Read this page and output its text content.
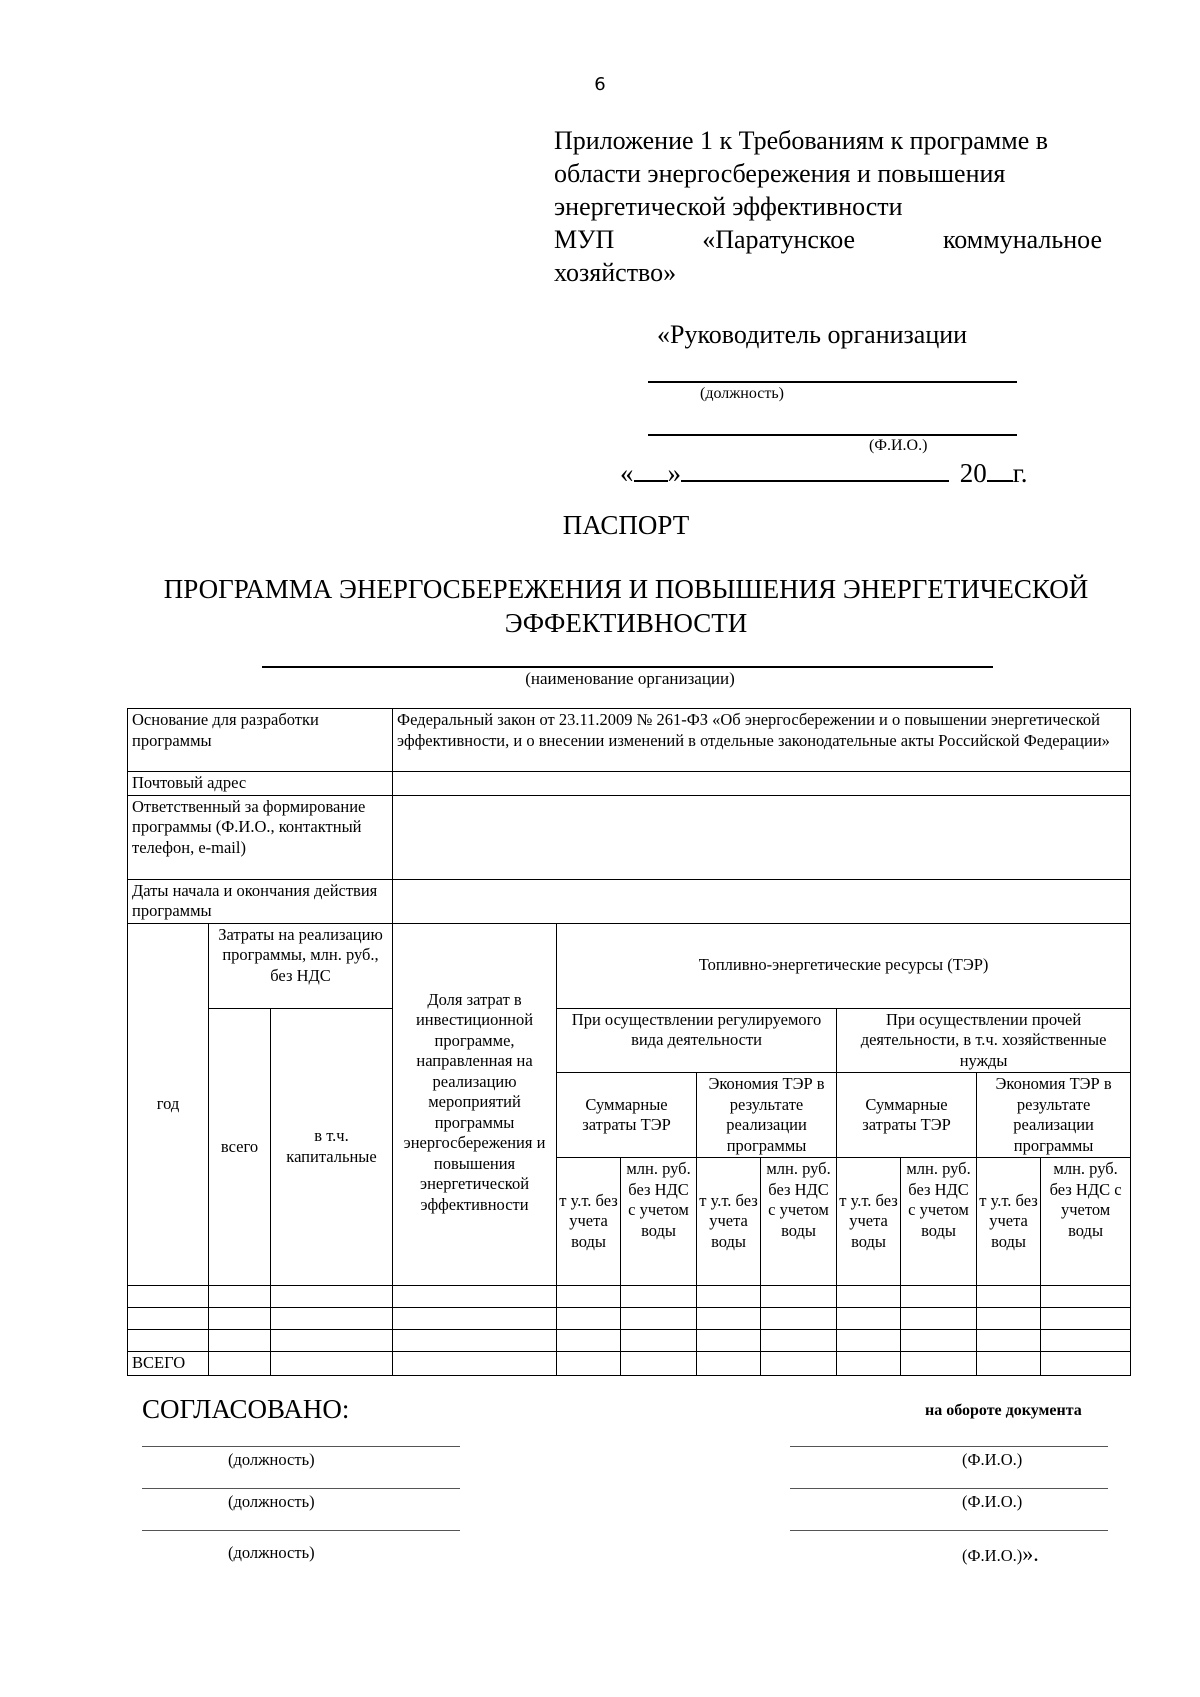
6
Приложение 1 к Требованиям к программе в
области энергосбережения и повышения
энергетической эффективности
МУП	«Паратунское	коммунальное
хозяйство»
«Руководитель организации
(должность)
(Ф.И.О.)
« »	20 г.
ПАСПОРТ
ПРОГРАММА ЭНЕРГОСБЕРЕЖЕНИЯ И ПОВЫШЕНИЯ ЭНЕРГЕТИЧЕСКОЙ
ЭФФЕКТИВНОСТИ
(наименование организации)
Основание для разработки программы			Федеральный закон от 23.11.2009 № 261-ФЗ «Об энергосбережении и о повышении энергетической эффективности, и о внесении изменений в отдельные законодательные акты Российской Федерации»								
Почтовый адрес											
Ответственный за формирование программы (Ф.И.О., контактный телефон, e-mail)											
Даты начала и окончания действия программы											
год	Затраты на реализацию программы, млн. руб., без НДС		Доля затрат в инвестиционной программе, направленная на реализацию мероприятий программы энергосбережения и повышения энергетической эффективности	Топливно-энергетические ресурсы (ТЭР)							
	всего	в т.ч. капитальные		При осуществлении регулируемого вида деятельности				При осуществлении прочей деятельности, в т.ч. хозяйственные нужды			
				Суммарные затраты ТЭР		Экономия ТЭР в результате реализации программы		Суммарные затраты ТЭР		Экономия ТЭР в результате реализации программы	
				т у.т. без учета воды	млн. руб. без НДС с учетом воды	т у.т. без учета воды	млн. руб. без НДС с учетом воды	т у.т. без учета воды	млн. руб. без НДС с учетом воды	т у.т. без учета воды	млн. руб. без НДС с учетом воды

ВСЕГО											
СОГЛАСОВАНО:	на обороте документа
(должность)	(Ф.И.О.)
(должность)	(Ф.И.О.)
(должность)	(Ф.И.О.)».
